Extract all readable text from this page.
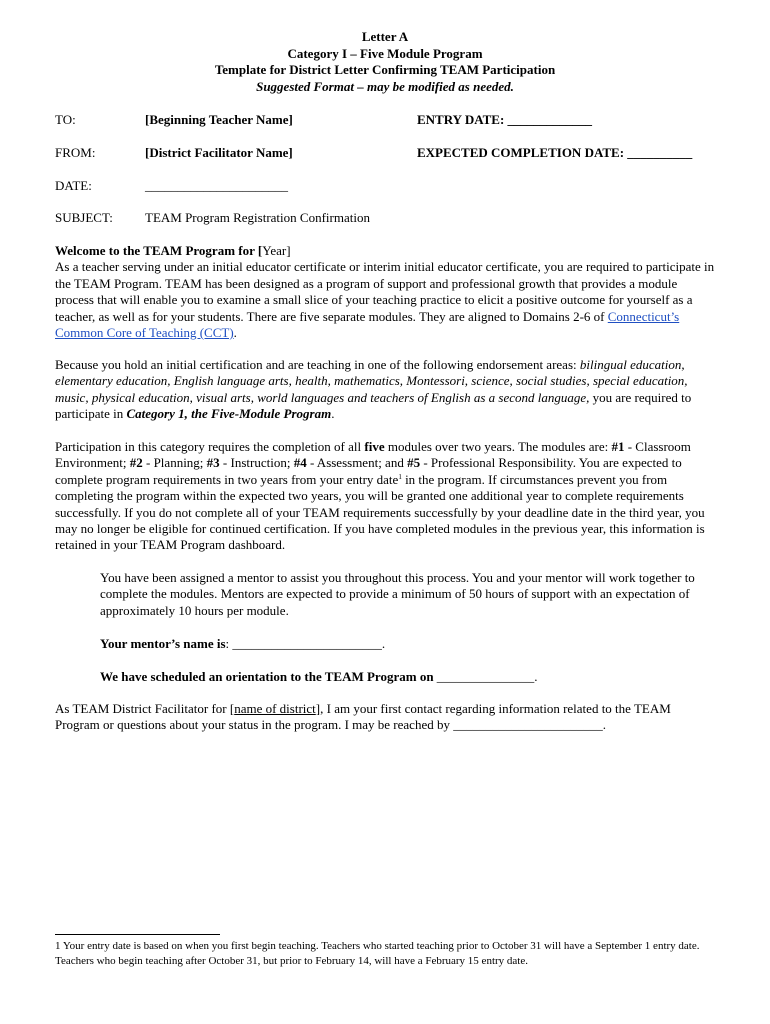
Letter A
Category I – Five Module Program
Template for District Letter Confirming TEAM Participation
Suggested Format – may be modified as needed.
TO:	[Beginning Teacher Name]	ENTRY DATE: _____________
FROM:	[District Facilitator Name]	EXPECTED COMPLETION DATE: __________
DATE:	______________________
SUBJECT: TEAM Program Registration Confirmation
Welcome to the TEAM Program for [Year]
As a teacher serving under an initial educator certificate or interim initial educator certificate, you are required to participate in the TEAM Program. TEAM has been designed as a program of support and professional growth that provides a module process that will enable you to examine a small slice of your teaching practice to elicit a positive outcome for yourself as a teacher, as well as for your students. There are five separate modules. They are aligned to Domains 2-6 of Connecticut’s Common Core of Teaching (CCT).
Because you hold an initial certification and are teaching in one of the following endorsement areas: bilingual education, elementary education, English language arts, health, mathematics, Montessori, science, social studies, special education, music, physical education, visual arts, world languages and teachers of English as a second language, you are required to participate in Category 1, the Five-Module Program.
Participation in this category requires the completion of all five modules over two years. The modules are: #1 - Classroom Environment; #2 - Planning; #3 - Instruction; #4 - Assessment; and #5 - Professional Responsibility. You are expected to complete program requirements in two years from your entry date$^1$ in the program. If circumstances prevent you from completing the program within the expected two years, you will be granted one additional year to complete requirements successfully. If you do not complete all of your TEAM requirements successfully by your deadline date in the third year, you may no longer be eligible for continued certification. If you have completed modules in the previous year, this information is retained in your TEAM Program dashboard.
You have been assigned a mentor to assist you throughout this process. You and your mentor will work together to complete the modules. Mentors are expected to provide a minimum of 50 hours of support with an expectation of approximately 10 hours per module.
Your mentor’s name is: _______________________.
We have scheduled an orientation to the TEAM Program on _______________.
As TEAM District Facilitator for [name of district], I am your first contact regarding information related to the TEAM Program or questions about your status in the program. I may be reached by _______________________.
1 Your entry date is based on when you first begin teaching. Teachers who started teaching prior to October 31 will have a September 1 entry date. Teachers who begin teaching after October 31, but prior to February 14, will have a February 15 entry date.
